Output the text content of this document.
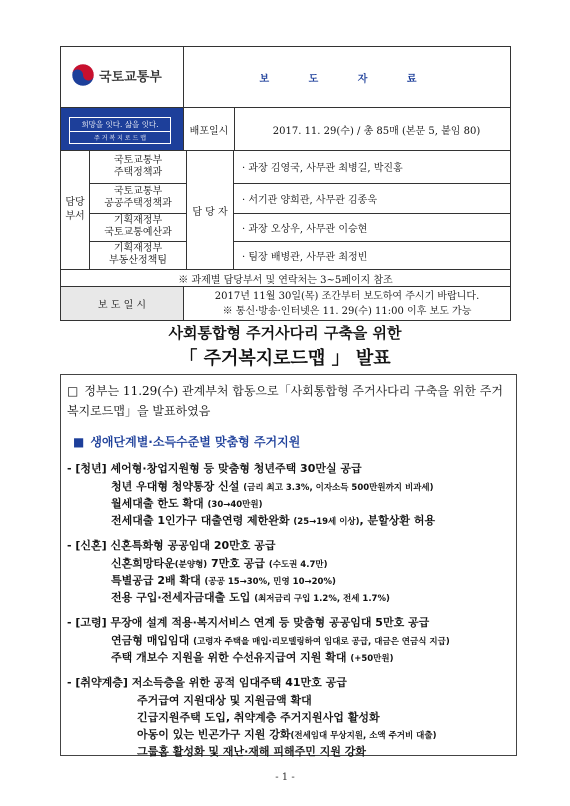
국토교통부	보 도 자 료

희망을 잇다. 삶을 잇다.
주 거 복 지 로 드 맵
	배포일시	2017. 11. 29(수) / 총 85매 (본문 5, 붙임 80)

담당 부서	국토교통부
주택정책과	담 당 자	· 과장 김영국, 사무관 최병길, 박진홍
국토교통부
공공주택정책과	· 서기관 양희관, 사무관 김종욱
기획재정부
국토교통예산과	· 과장 오상우, 사무관 이승현
기획재정부
부동산정책팀	· 팀장 배병관, 사무관 최정빈

※ 과제별 담당부서 및 연락처는 3~5페이지 참조
보 도 일 시	2017년 11월 30일(목) 조간부터 보도하여 주시기 바랍니다.
※ 통신·방송·인터넷은 11. 29(수) 11:00 이후 보도 가능
사회통합형 주거사다리 구축을 위한
「 주거복지로드맵 」 발표
□ 정부는 11.29(수) 관계부처 합동으로「사회통합형 주거사다리 구축을 위한 주거복지로드맵」을 발표하였음
■ 생애단계별·소득수준별 맞춤형 주거지원
- [청년] 셰어형·창업지원형 등 맞춤형 청년주택 30만실 공급
청년 우대형 청약통장 신설 (금리 최고 3.3%, 이자소득 500만원까지 비과세)
월세대출 한도 확대 (30→40만원)
전세대출 1인가구 대출연령 제한완화 (25→19세 이상), 분할상환 허용
- [신혼] 신혼특화형 공공임대 20만호 공급
신혼희망타운(분양형) 7만호 공급 (수도권 4.7만)
특별공급 2배 확대 (공공 15→30%, 민영 10→20%)
전용 구입·전세자금대출 도입 (최저금리 구입 1.2%, 전세 1.7%)
- [고령] 무장애 설계 적용·복지서비스 연계 등 맞춤형 공공임대 5만호 공급
연금형 매입임대 (고령자 주택을 매입·리모델링하여 임대로 공급, 대금은 연금식 지급)
주택 개보수 지원을 위한 수선유지급여 지원 확대 (+50만원)
- [취약계층] 저소득층을 위한 공적 임대주택 41만호 공급
주거급여 지원대상 및 지원금액 확대
긴급지원주택 도입, 취약계층 주거지원사업 활성화
아동이 있는 빈곤가구 지원 강화(전세임대 무상지원, 소액 주거비 대출)
그룹홈 활성화 및 재난·재해 피해주민 지원 강화
- 1 -
